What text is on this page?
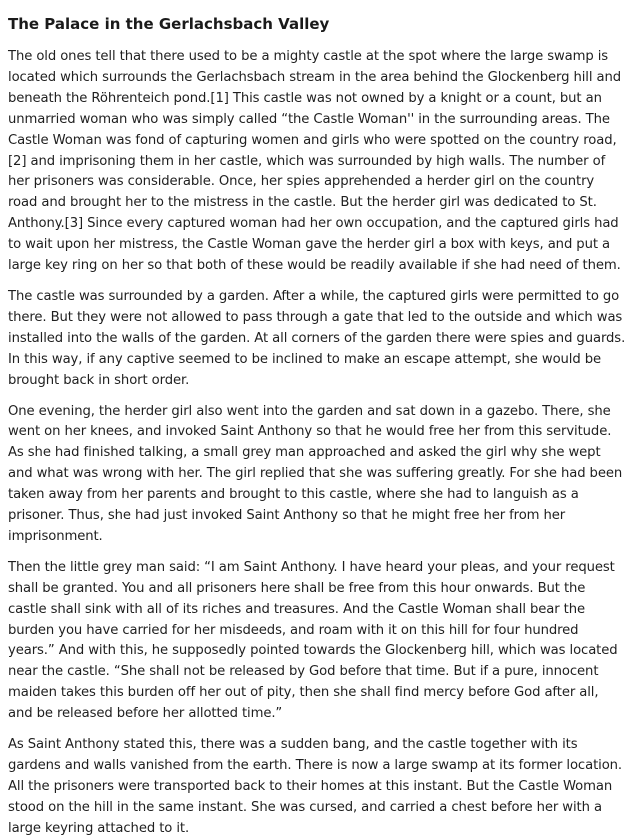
The Palace in the Gerlachsbach Valley

The old ones tell that there used to be a mighty castle at the spot where the large swamp is located which surrounds the Gerlachsbach stream in the area behind the Glockenberg hill and beneath the Röhrenteich pond.[1] This castle was not owned by a knight or a count, but an unmarried woman who was simply called “the Castle Woman'' in the surrounding areas. The Castle Woman was fond of capturing women and girls who were spotted on the country road,[2] and imprisoning them in her castle, which was surrounded by high walls. The number of her prisoners was considerable. Once, her spies apprehended a herder girl on the country road and brought her to the mistress in the castle. But the herder girl was dedicated to St. Anthony.[3] Since every captured woman had her own occupation, and the captured girls had to wait upon her mistress, the Castle Woman gave the herder girl a box with keys, and put a large key ring on her so that both of these would be readily available if she had need of them.

The castle was surrounded by a garden. After a while, the captured girls were permitted to go there. But they were not allowed to pass through a gate that led to the outside and which was installed into the walls of the garden. At all corners of the garden there were spies and guards. In this way, if any captive seemed to be inclined to make an escape attempt, she would be brought back in short order.

One evening, the herder girl also went into the garden and sat down in a gazebo. There, she went on her knees, and invoked Saint Anthony so that he would free her from this servitude. As she had finished talking, a small grey man approached and asked the girl why she wept and what was wrong with her. The girl replied that she was suffering greatly. For she had been taken away from her parents and brought to this castle, where she had to languish as a prisoner. Thus, she had just invoked Saint Anthony so that he might free her from her imprisonment.

Then the little grey man said: “I am Saint Anthony. I have heard your pleas, and your request shall be granted. You and all prisoners here shall be free from this hour onwards. But the castle shall sink with all of its riches and treasures. And the Castle Woman shall bear the burden you have carried for her misdeeds, and roam with it on this hill for four hundred years.” And with this, he supposedly pointed towards the Glockenberg hill, which was located near the castle. “She shall not be released by God before that time. But if a pure, innocent maiden takes this burden off her out of pity, then she shall find mercy before God after all, and be released before her allotted time.”

As Saint Anthony stated this, there was a sudden bang, and the castle together with its gardens and walls vanished from the earth. There is now a large swamp at its former location. All the prisoners were transported back to their homes at this instant. But the Castle Woman stood on the hill in the same instant. She was cursed, and carried a chest before her with a large keyring attached to it.
